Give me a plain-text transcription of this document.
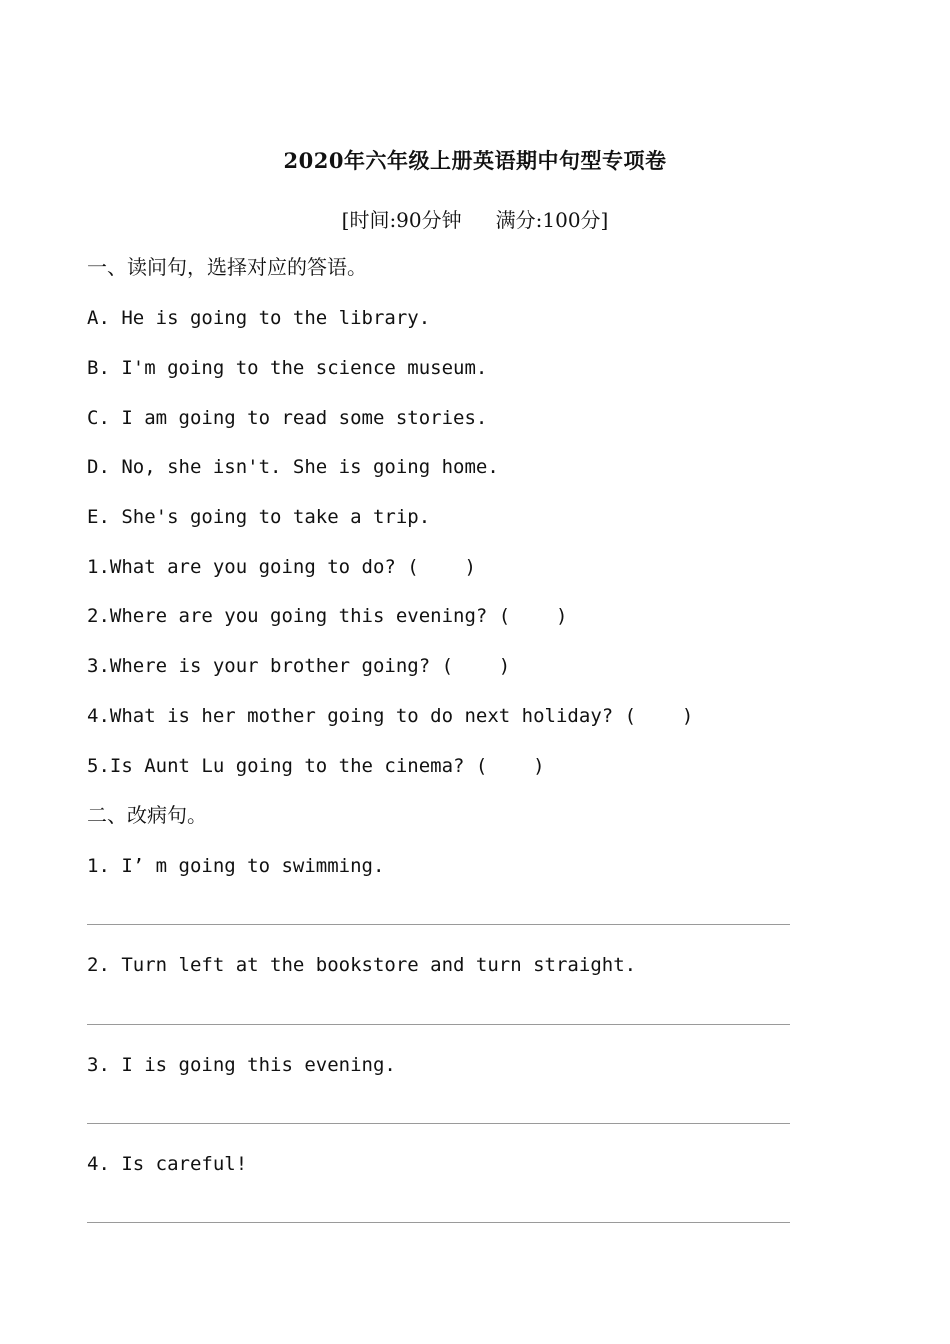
2020年六年级上册英语期中句型专项卷
[时间:90分钟 满分:100分]
一、读问句，选择对应的答语。
A. He is going to the library.
B. I'm going to the science museum.
C. I am going to read some stories.
D. No, she isn't. She is going home.
E. She's going to take a trip.
1.What are you going to do? (    )
2.Where are you going this evening? (    )
3.Where is your brother going? (    )
4.What is her mother going to do next holiday? (    )
5.Is Aunt Lu going to the cinema? (    )
二、改病句。
1. I’ m going to swimming.
2. Turn left at the bookstore and turn straight.
3. I is going this evening.
4. Is careful!
